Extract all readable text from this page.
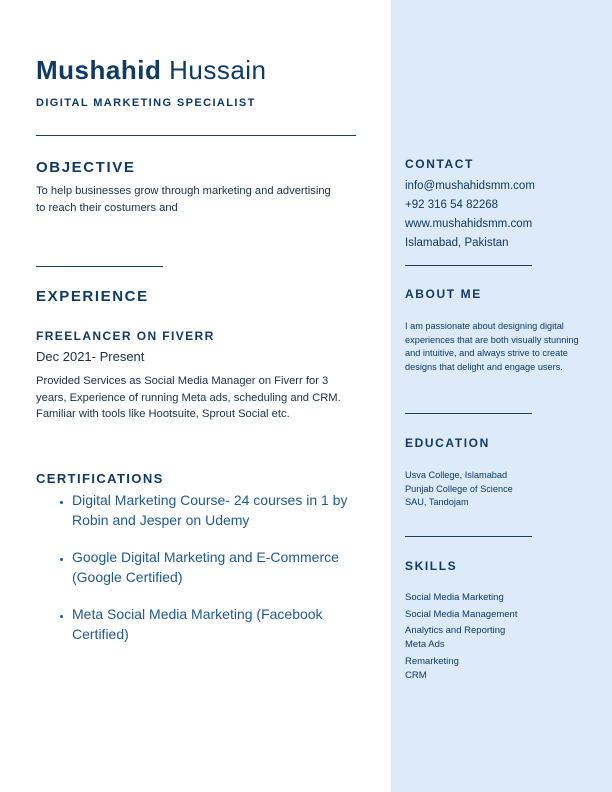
Mushahid Hussain
DIGITAL MARKETING SPECIALIST
OBJECTIVE
To help businesses grow through marketing and advertising to reach their costumers and
EXPERIENCE
FREELANCER ON FIVERR
Dec 2021- Present
Provided Services as Social Media Manager on Fiverr for 3 years, Experience of running Meta ads, scheduling and CRM. Familiar with tools like Hootsuite, Sprout Social etc.
CERTIFICATIONS
• Digital Marketing Course- 24 courses in 1 by Robin and Jesper on Udemy
• Google Digital Marketing and E-Commerce (Google Certified)
• Meta Social Media Marketing (Facebook Certified)
CONTACT
info@mushahidsmm.com
+92 316 54 82268
www.mushahidsmm.com
Islamabad, Pakistan
ABOUT ME
I am passionate about designing digital experiences that are both visually stunning and intuitive, and always strive to create designs that delight and engage users.
EDUCATION
Usva College, Islamabad
Punjab College of Science
SAU, Tandojam
SKILLS
Social Media Marketing
Social Media Management
Analytics and Reporting
Meta Ads
Remarketing
CRM
